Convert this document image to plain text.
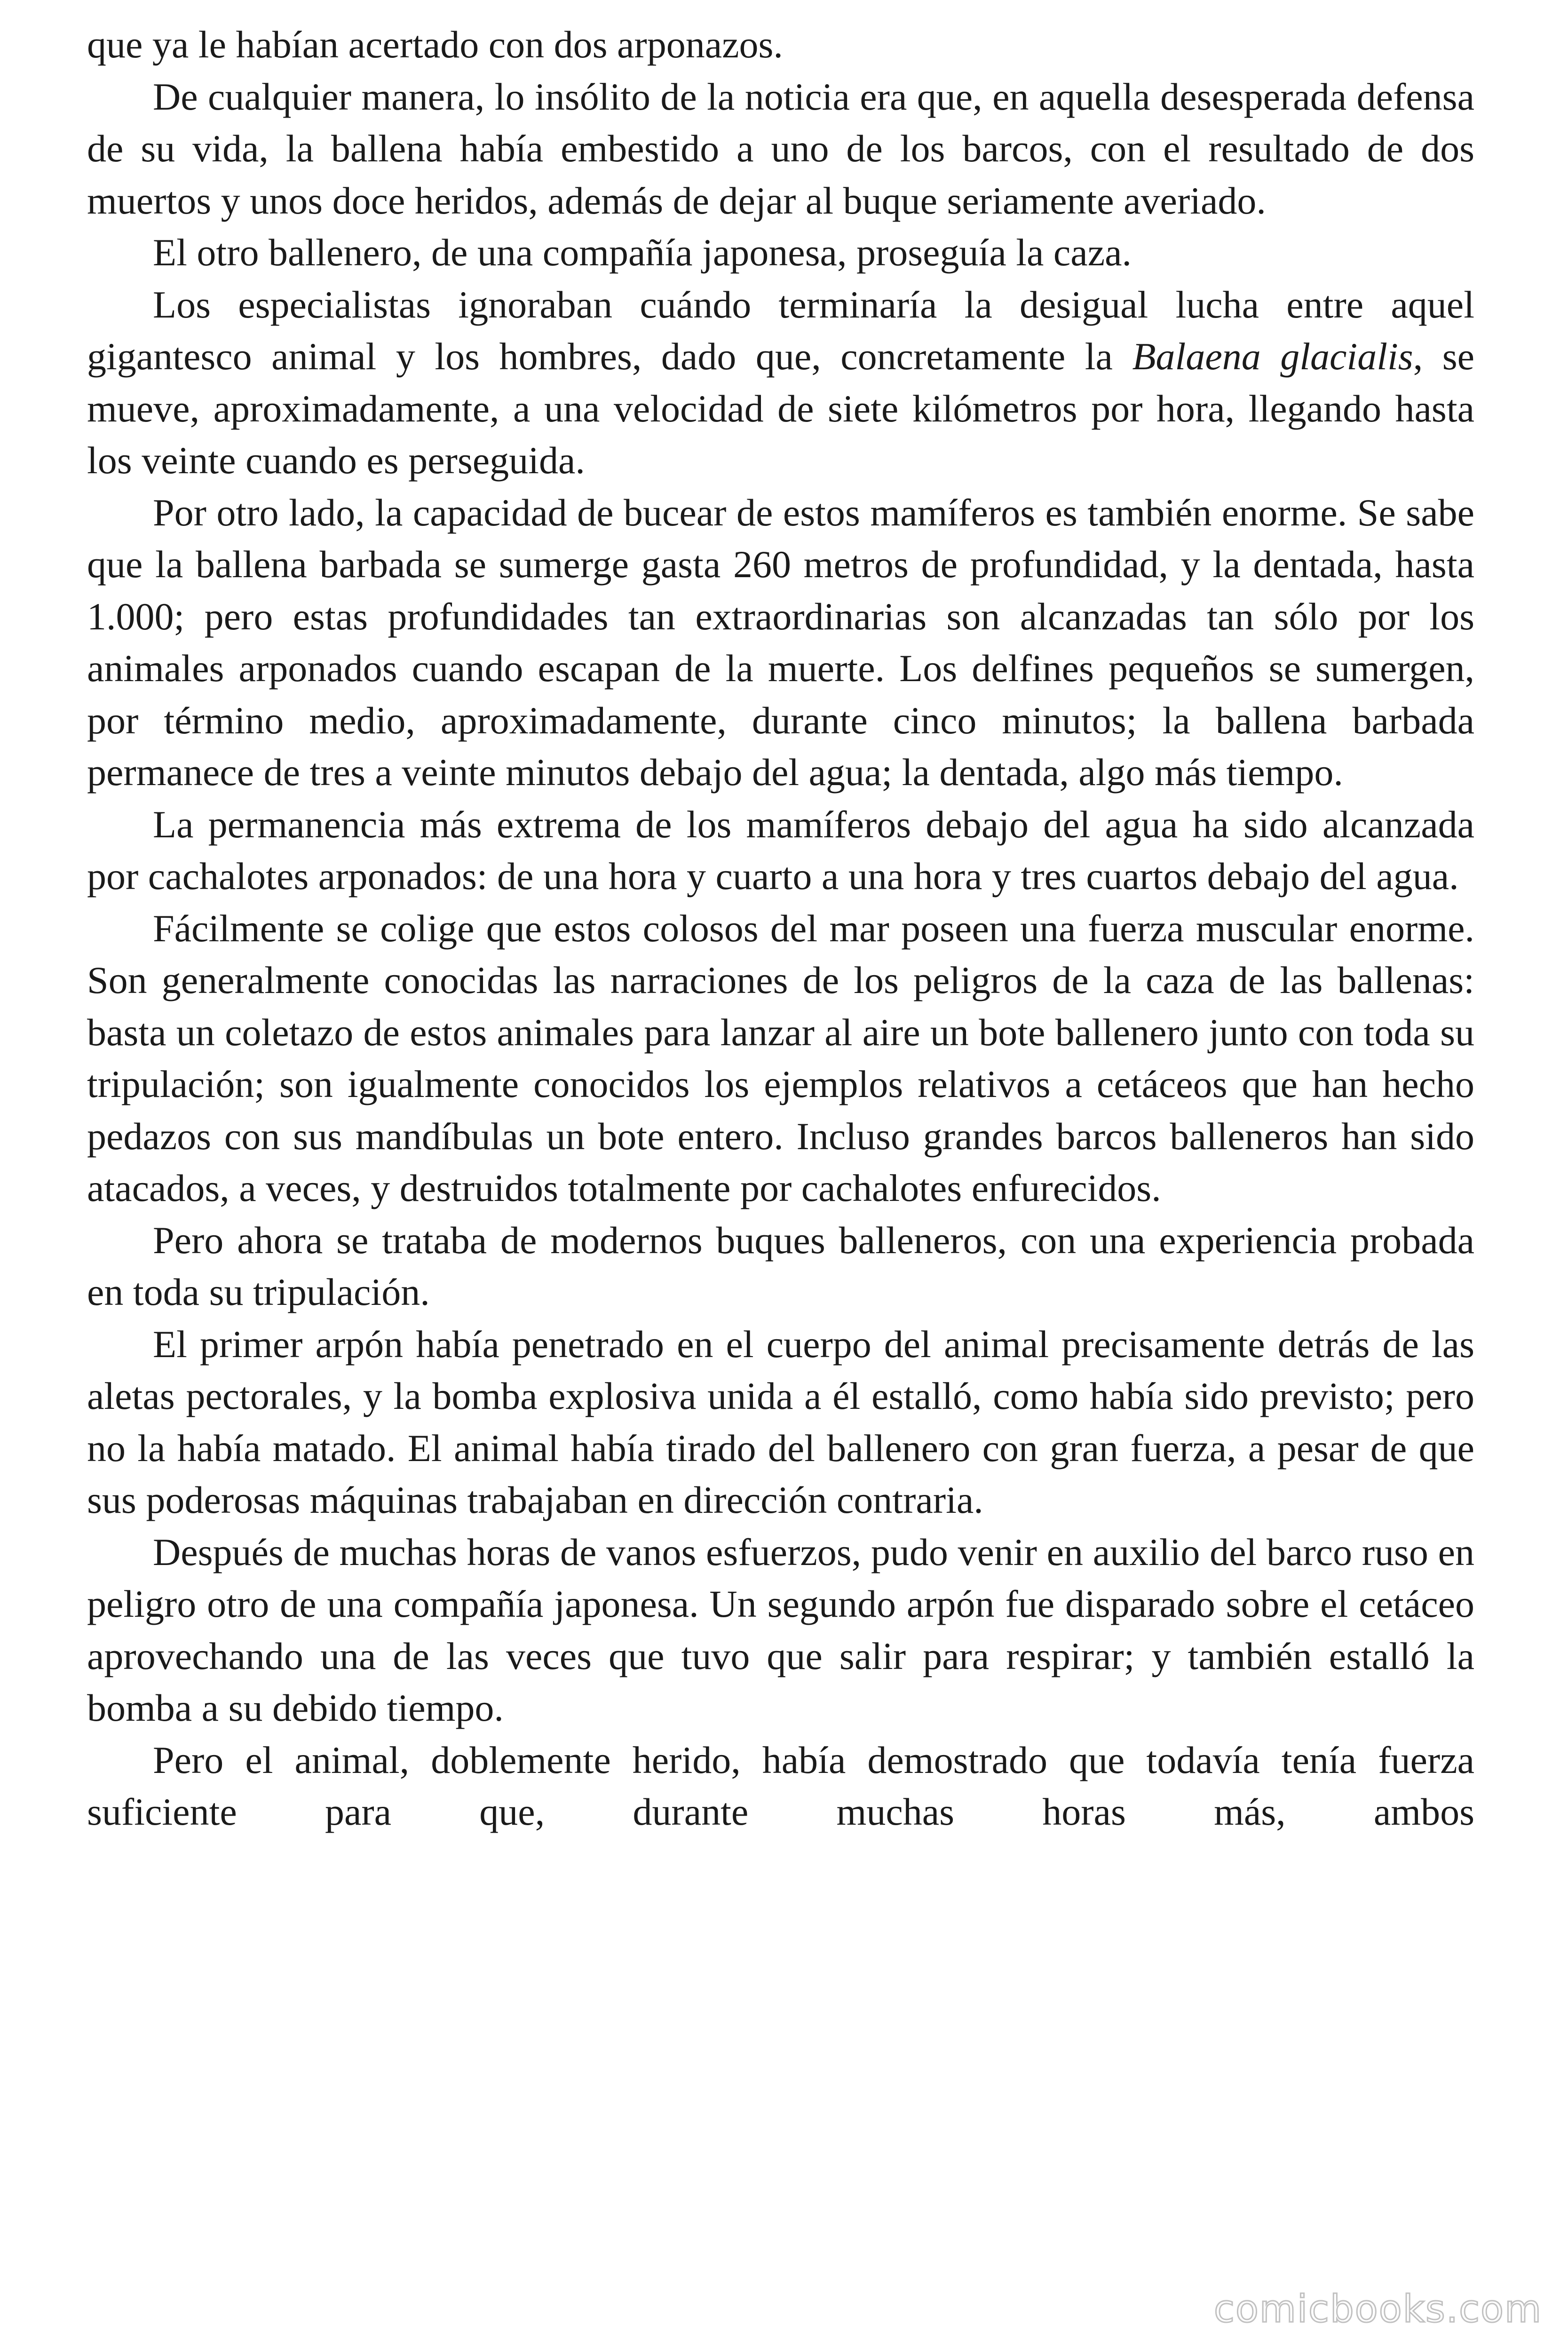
que ya le habían acertado con dos arponazos.

De cualquier manera, lo insólito de la noticia era que, en aquella desesperada defensa de su vida, la ballena había embestido a uno de los barcos, con el resultado de dos muertos y unos doce heridos, además de dejar al buque seriamente averiado.

El otro ballenero, de una compañía japonesa, proseguía la caza.

Los especialistas ignoraban cuándo terminaría la desigual lucha entre aquel gigantesco animal y los hombres, dado que, concretamente la Balaena glacialis, se mueve, aproximadamente, a una velocidad de siete kilómetros por hora, llegando hasta los veinte cuando es perseguida.

Por otro lado, la capacidad de bucear de estos mamíferos es también enorme. Se sabe que la ballena barbada se sumerge gasta 260 metros de profundidad, y la dentada, hasta 1.000; pero estas profundidades tan extraordinarias son alcanzadas tan sólo por los animales arponados cuando escapan de la muerte. Los delfines pequeños se sumergen, por término medio, aproximadamente, durante cinco minutos; la ballena barbada permanece de tres a veinte minutos debajo del agua; la dentada, algo más tiempo.

La permanencia más extrema de los mamíferos debajo del agua ha sido alcanzada por cachalotes arponados: de una hora y cuarto a una hora y tres cuartos debajo del agua.

Fácilmente se colige que estos colosos del mar poseen una fuerza muscular enorme. Son generalmente conocidas las narraciones de los peligros de la caza de las ballenas: basta un coletazo de estos animales para lanzar al aire un bote ballenero junto con toda su tripulación; son igualmente conocidos los ejemplos relativos a cetáceos que han hecho pedazos con sus mandíbulas un bote entero. Incluso grandes barcos balleneros han sido atacados, a veces, y destruidos totalmente por cachalotes enfurecidos.

Pero ahora se trataba de modernos buques balleneros, con una experiencia probada en toda su tripulación.

El primer arpón había penetrado en el cuerpo del animal precisamente detrás de las aletas pectorales, y la bomba explosiva unida a él estalló, como había sido previsto; pero no la había matado. El animal había tirado del ballenero con gran fuerza, a pesar de que sus poderosas máquinas trabajaban en dirección contraria.

Después de muchas horas de vanos esfuerzos, pudo venir en auxilio del barco ruso en peligro otro de una compañía japonesa. Un segundo arpón fue disparado sobre el cetáceo aprovechando una de las veces que tuvo que salir para respirar; y también estalló la bomba a su debido tiempo.

Pero el animal, doblemente herido, había demostrado que todavía tenía fuerza suficiente para que, durante muchas horas más, ambos

comicbooks.com
